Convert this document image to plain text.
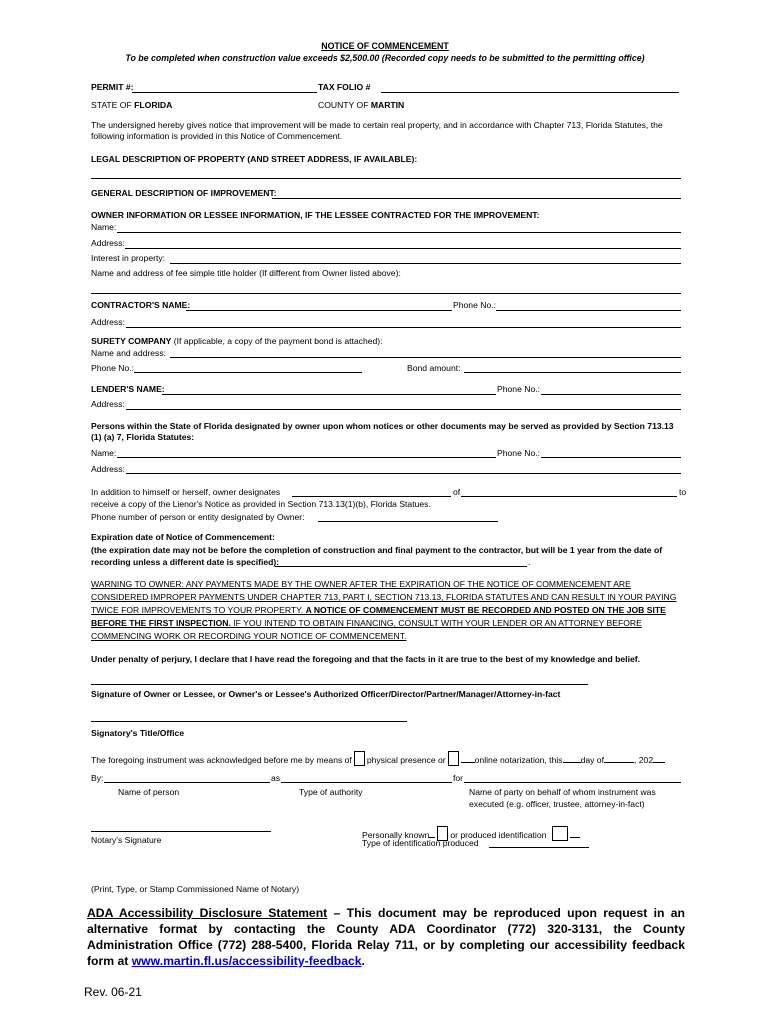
NOTICE OF COMMENCEMENT
To be completed when construction value exceeds $2,500.00 (Recorded copy needs to be submitted to the permitting office)
PERMIT #:	TAX FOLIO #
STATE OF FLORIDA	COUNTY OF MARTIN
The undersigned hereby gives notice that improvement will be made to certain real property, and in accordance with Chapter 713, Florida Statutes, the following information is provided in this Notice of Commencement.
LEGAL DESCRIPTION OF PROPERTY (AND STREET ADDRESS, IF AVAILABLE):
GENERAL DESCRIPTION OF IMPROVEMENT:
OWNER INFORMATION OR LESSEE INFORMATION, IF THE LESSEE CONTRACTED FOR THE IMPROVEMENT:
Name:
Address:
Interest in property:
Name and address of fee simple title holder (If different from Owner listed above):
CONTRACTOR'S NAME:	Phone No.:
Address:
SURETY COMPANY (If applicable, a copy of the payment bond is attached):
Name and address:
Phone No.:	Bond amount:
LENDER'S NAME:	Phone No.:
Address:
Persons within the State of Florida designated by owner upon whom notices or other documents may be served as provided by Section 713.13 (1) (a) 7, Florida Statutes:
Name:	Phone No.:
Address:
In addition to himself or herself, owner designates	of	to
receive a copy of the Lienor's Notice as provided in Section 713.13(1)(b), Florida Statues.
Phone number of person or entity designated by Owner:
Expiration date of Notice of Commencement:
(the expiration date may not be before the completion of construction and final payment to the contractor, but will be 1 year from the date of
recording unless a different date is specified):	.
WARNING TO OWNER: ANY PAYMENTS MADE BY THE OWNER AFTER THE EXPIRATION OF THE NOTICE OF COMMENCEMENT ARE CONSIDERED IMPROPER PAYMENTS UNDER CHAPTER 713, PART I, SECTION 713.13, FLORIDA STATUTES AND CAN RESULT IN YOUR PAYING TWICE FOR IMPROVEMENTS TO YOUR PROPERTY. A NOTICE OF COMMENCEMENT MUST BE RECORDED AND POSTED ON THE JOB SITE BEFORE THE FIRST INSPECTION. IF YOU INTEND TO OBTAIN FINANCING, CONSULT WITH YOUR LENDER OR AN ATTORNEY BEFORE COMMENCING WORK OR RECORDING YOUR NOTICE OF COMMENCEMENT.
Under penalty of perjury, I declare that I have read the foregoing and that the facts in it are true to the best of my knowledge and belief.
Signature of Owner or Lessee, or Owner's or Lessee's Authorized Officer/Director/Partner/Manager/Attorney-in-fact
Signatory's Title/Office
The foregoing instrument was acknowledged before me by means of physical presence or	online notarization, this day of	, 202
By:	as	for
Name of person	Type of authority	Name of party on behalf of whom instrument was
executed (e.g. officer, trustee, attorney-in-fact)
Personally known or produced identification
Notary's Signature	Type of identification produced
(Print, Type, or Stamp Commissioned Name of Notary)
ADA Accessibility Disclosure Statement – This document may be reproduced upon request in an alternative format by contacting the County ADA Coordinator (772) 320-3131, the County Administration Office (772) 288-5400, Florida Relay 711, or by completing our accessibility feedback form at www.martin.fl.us/accessibility-feedback.
Rev. 06-21
